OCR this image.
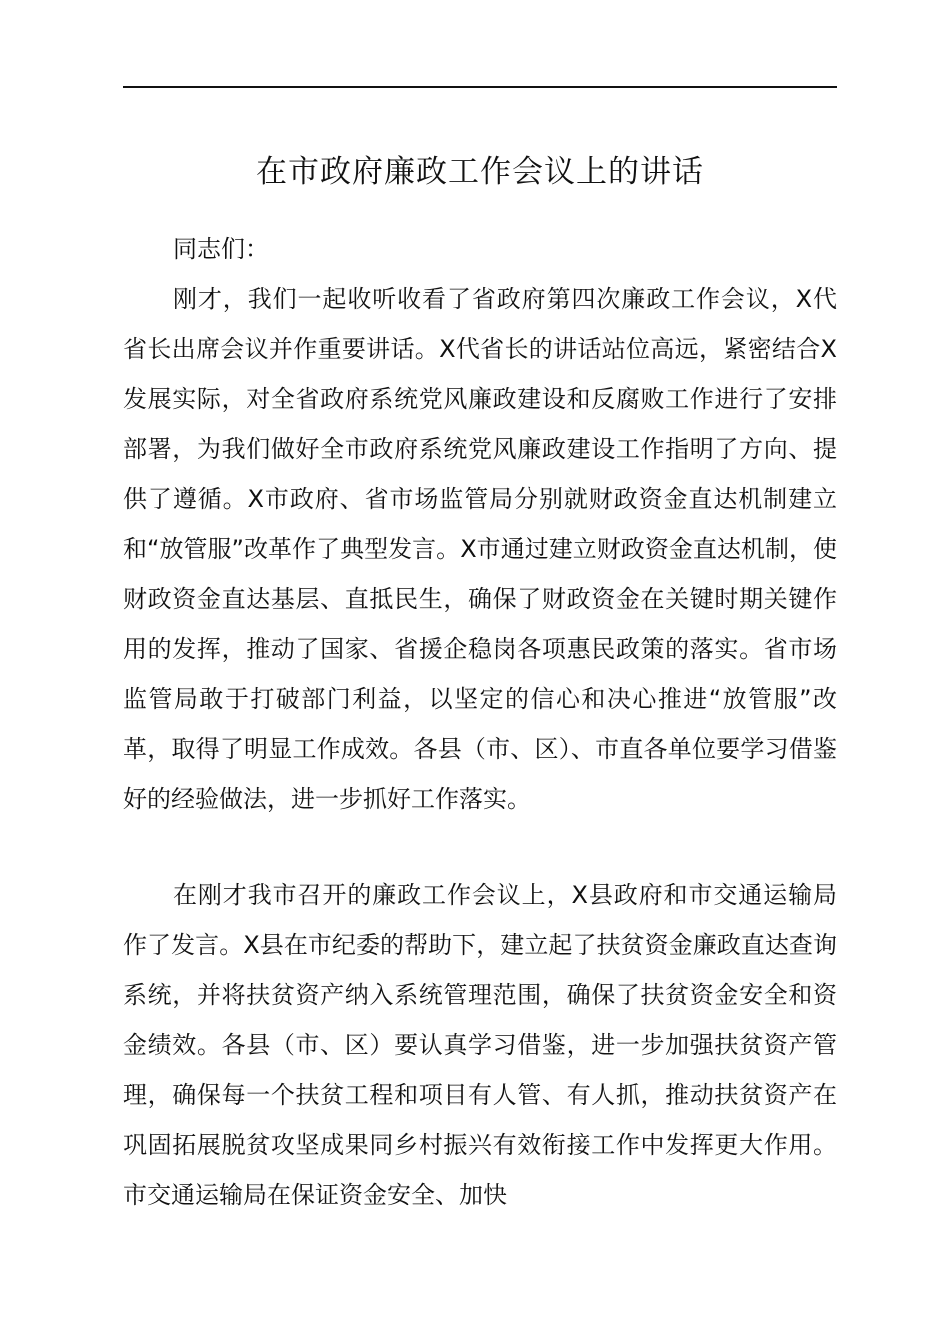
在市政府廉政工作会议上的讲话

同志们：

刚才，我们一起收听收看了省政府第四次廉政工作会议，X代省长出席会议并作重要讲话。X代省长的讲话站位高远，紧密结合X发展实际，对全省政府系统党风廉政建设和反腐败工作进行了安排部署，为我们做好全市政府系统党风廉政建设工作指明了方向、提供了遵循。X市政府、省市场监管局分别就财政资金直达机制建立和“放管服”改革作了典型发言。X市通过建立财政资金直达机制，使财政资金直达基层、直抵民生，确保了财政资金在关键时期关键作用的发挥，推动了国家、省援企稳岗各项惠民政策的落实。省市场监管局敢于打破部门利益，以坚定的信心和决心推进“放管服”改革，取得了明显工作成效。各县（市、区）、市直各单位要学习借鉴好的经验做法，进一步抓好工作落实。

在刚才我市召开的廉政工作会议上，X县政府和市交通运输局作了发言。X县在市纪委的帮助下，建立起了扶贫资金廉政直达查询系统，并将扶贫资产纳入系统管理范围，确保了扶贫资金安全和资金绩效。各县（市、区）要认真学习借鉴，进一步加强扶贫资产管理，确保每一个扶贫工程和项目有人管、有人抓，推动扶贫资产在巩固拓展脱贫攻坚成果同乡村振兴有效衔接工作中发挥更大作用。市交通运输局在保证资金安全、加快
